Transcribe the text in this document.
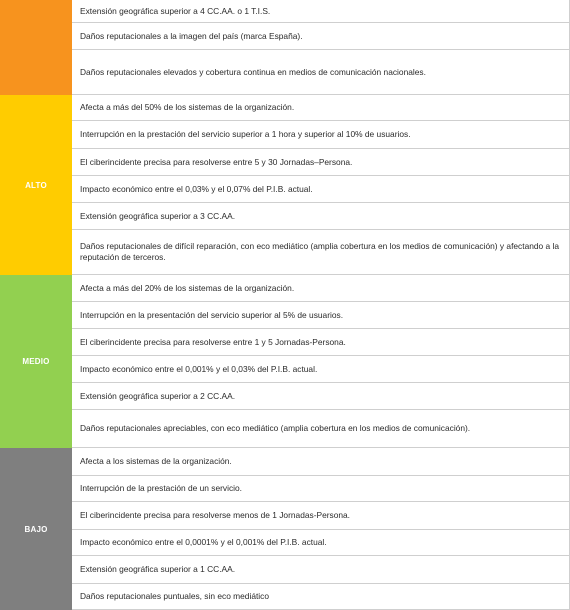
Extensión geográfica superior a 4 CC.AA. o 1 T.I.S.
Daños reputacionales a la imagen del país (marca España).
Daños reputacionales elevados y cobertura continua en medios de comunicación nacionales.
ALTO
Afecta a más del 50% de los sistemas de la organización.
Interrupción en la prestación del servicio superior a 1 hora y superior al 10% de usuarios.
El ciberincidente precisa para resolverse entre 5 y 30 Jornadas–Persona.
Impacto económico entre el 0,03% y el 0,07% del P.I.B. actual.
Extensión geográfica superior a 3 CC.AA.
Daños reputacionales de difícil reparación, con eco mediático (amplia cobertura en los medios de comunicación) y afectando a la reputación de terceros.
MEDIO
Afecta a más del 20% de los sistemas de la organización.
Interrupción en la presentación del servicio superior al 5% de usuarios.
El ciberincidente precisa para resolverse entre 1 y 5 Jornadas-Persona.
Impacto económico entre el 0,001% y el 0,03% del P.I.B. actual.
Extensión geográfica superior a 2 CC.AA.
Daños reputacionales apreciables, con eco mediático (amplia cobertura en los medios de comunicación).
BAJO
Afecta a los sistemas de la organización.
Interrupción de la prestación de un servicio.
El ciberincidente precisa para resolverse menos de 1 Jornadas-Persona.
Impacto económico entre el 0,0001% y el 0,001% del P.I.B. actual.
Extensión geográfica superior a 1 CC.AA.
Daños reputacionales puntuales, sin eco mediático
